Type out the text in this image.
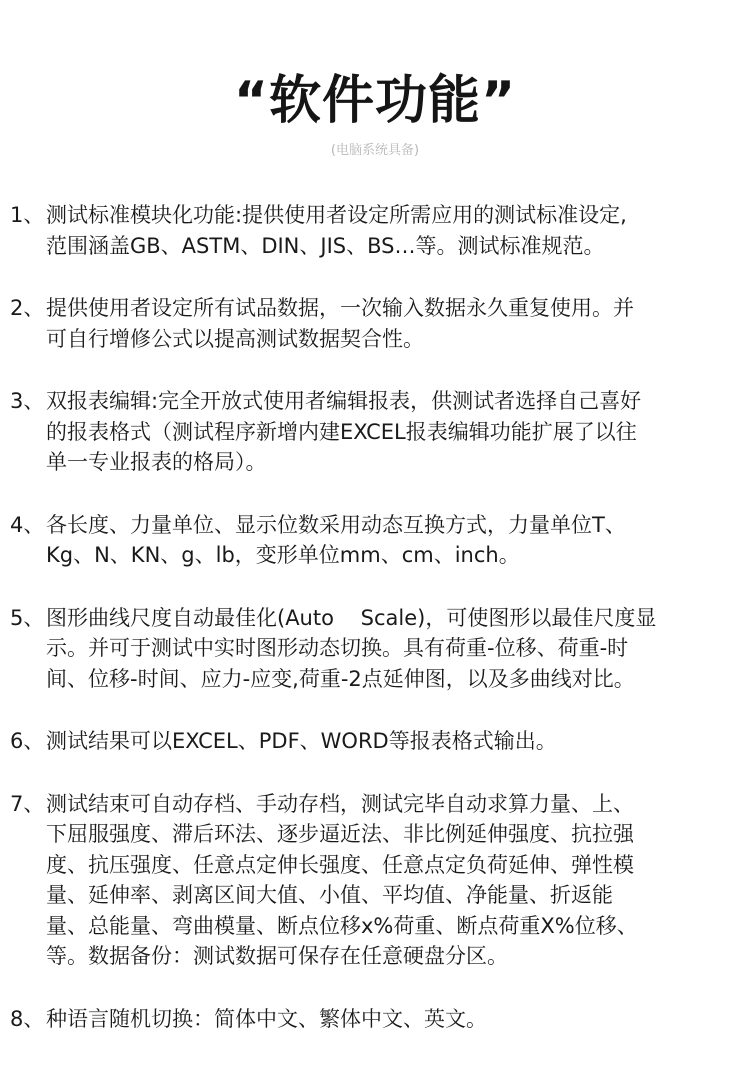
“软件功能”
(电脑系统具备)
1、 测试标准模块化功能:提供使用者设定所需应用的测试标准设定,
范围涵盖GB、ASTM、DIN、JIS、BS…等。测试标准规范。
2、 提供使用者设定所有试品数据，一次输入数据永久重复使用。并
可自行增修公式以提高测试数据契合性。
3、 双报表编辑:完全开放式使用者编辑报表，供测试者选择自己喜好
的报表格式（测试程序新增内建EXCEL报表编辑功能扩展了以往
单一专业报表的格局）。
4、 各长度、力量单位、显示位数采用动态互换方式，力量单位T、
Kg、N、KN、g、lb，变形单位mm、cm、inch。
5、 图形曲线尺度自动最佳化(Auto    Scale)，可使图形以最佳尺度显
示。并可于测试中实时图形动态切换。具有荷重-位移、荷重-时
间、位移-时间、应力-应变,荷重-2点延伸图，以及多曲线对比。
6、 测试结果可以EXCEL、PDF、WORD等报表格式输出。
7、 测试结束可自动存档、手动存档，测试完毕自动求算力量、上、
下屈服强度、滞后环法、逐步逼近法、非比例延伸强度、抗拉强
度、抗压强度、任意点定伸长强度、任意点定负荷延伸、弹性模
量、延伸率、剥离区间大值、小值、平均值、净能量、折返能
量、总能量、弯曲模量、断点位移x%荷重、断点荷重X%位移、
等。数据备份：测试数据可保存在任意硬盘分区。
8、 种语言随机切换：简体中文、繁体中文、英文。
